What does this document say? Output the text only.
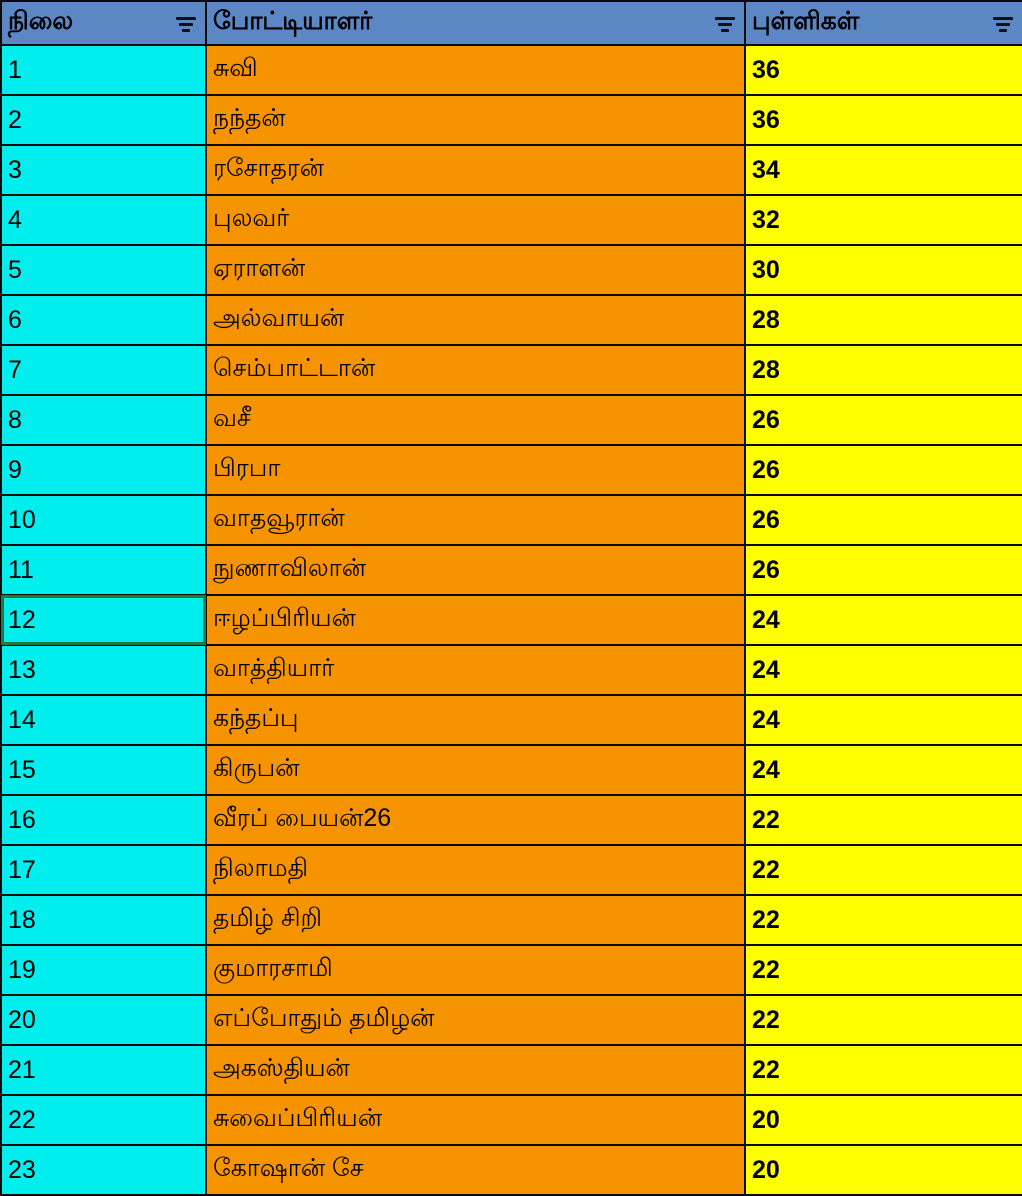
நிலை	போட்டியாளர்	புள்ளிகள்

1	சுவி	36
2	நந்தன்	36
3	ரசோதரன்	34
4	புலவர்	32
5	ஏராளன்	30
6	அல்வாயன்	28
7	செம்பாட்டான்	28
8	வசீ	26
9	பிரபா	26
10	வாதவூரான்	26
11	நுணாவிலான்	26
12	ஈழப்பிரியன்	24
13	வாத்தியார்	24
14	கந்தப்பு	24
15	கிருபன்	24
16	வீரப் பையன்26	22
17	நிலாமதி	22
18	தமிழ் சிறி	22
19	குமாரசாமி	22
20	எப்போதும் தமிழன்	22
21	அகஸ்தியன்	22
22	சுவைப்பிரியன்	20
23	கோஷான் சே	20
